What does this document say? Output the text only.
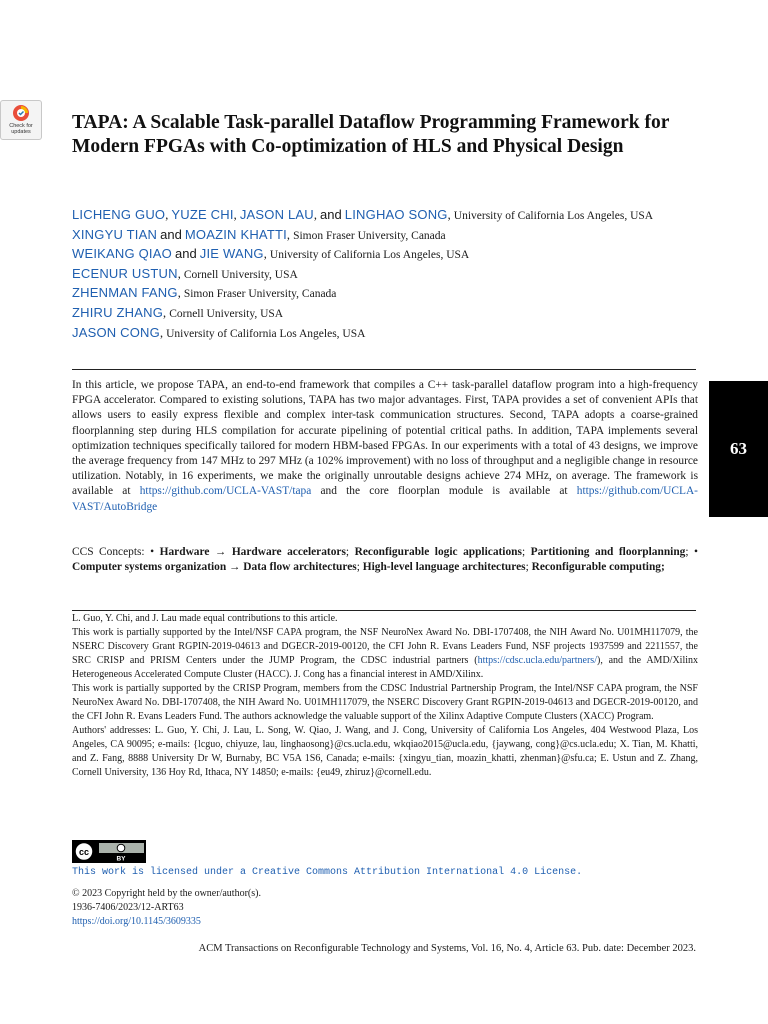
Check for
updates	TAPA: A Scalable Task-parallel Dataflow Programming Framework for Modern FPGAs with Co-optimization of HLS and Physical Design
LICHENG GUO, YUZE CHI, JASON LAU, and LINGHAO SONG, University of California Los Angeles, USA
XINGYU TIAN and MOAZIN KHATTI, Simon Fraser University, Canada
WEIKANG QIAO and JIE WANG, University of California Los Angeles, USA
ECENUR USTUN, Cornell University, USA
ZHENMAN FANG, Simon Fraser University, Canada
ZHIRU ZHANG, Cornell University, USA
JASON CONG, University of California Los Angeles, USA

In this article, we propose TAPA, an end-to-end framework that compiles a C++ task-parallel dataflow program into a high-frequency FPGA accelerator. Compared to existing solutions, TAPA has two major advantages. First, TAPA provides a set of convenient APIs that allows users to easily express flexible and complex inter-task communication structures. Second, TAPA adopts a coarse-grained floorplanning step during HLS compilation for accurate pipelining of potential critical paths. In addition, TAPA implements several optimization techniques specifically tailored for modern HBM-based FPGAs. In our experiments with a total of 43 designs, we improve the average frequency from 147 MHz to 297 MHz (a 102% improvement) with no loss of throughput and a negligible change in resource utilization. Notably, in 16 experiments, we make the originally unroutable designs achieve 274 MHz, on average. The framework is available at https://github.com/UCLA-VAST/tapa and the core floorplan module is available at https://github.com/UCLA-VAST/AutoBridge

CCS Concepts: • Hardware → Hardware accelerators; Reconfigurable logic applications; Partitioning and floorplanning; • Computer systems organization → Data flow architectures; High-level language architectures; Reconfigurable computing;

L. Guo, Y. Chi, and J. Lau made equal contributions to this article.

This work is partially supported by the Intel/NSF CAPA program, the NSF NeuroNex Award No. DBI-1707408, the NIH Award No. U01MH117079, the NSERC Discovery Grant RGPIN-2019-04613 and DGECR-2019-00120, the CFI John R. Evans Leaders Fund, NSF projects 1937599 and 2211557, the SRC CRISP and PRISM Centers under the JUMP Program, the CDSC industrial partners (https://cdsc.ucla.edu/partners/), and the AMD/Xilinx Heterogeneous Accelerated Compute Cluster (HACC). J. Cong has a financial interest in AMD/Xilinx.

This work is partially supported by the CRISP Program, members from the CDSC Industrial Partnership Program, the Intel/NSF CAPA program, the NSF NeuroNex Award No. DBI-1707408, the NIH Award No. U01MH117079, the NSERC Discovery Grant RGPIN-2019-04613 and DGECR-2019-00120, and the CFI John R. Evans Leaders Fund. The authors acknowledge the valuable support of the Xilinx Adaptive Compute Clusters (XACC) Program.

Authors' addresses: L. Guo, Y. Chi, J. Lau, L. Song, W. Qiao, J. Wang, and J. Cong, University of California Los Angeles, 404 Westwood Plaza, Los Angeles, CA 90095; e-mails: {lcguo, chiyuze, lau, linghaosong}@cs.ucla.edu, wkqiao2015@ucla.edu, {jaywang, cong}@cs.ucla.edu; X. Tian, M. Khatti, and Z. Fang, 8888 University Dr W, Burnaby, BC V5A 1S6, Canada; e-mails: {xingyu_tian, moazin_khatti, zhenman}@sfu.ca; E. Ustun and Z. Zhang, Cornell University, 136 Hoy Rd, Ithaca, NY 14850; e-mails: {eu49, zhiruz}@cornell.edu.

cc
BY
This work is licensed under a Creative Commons Attribution International 4.0 License.
© 2023 Copyright held by the owner/author(s).
1936-7406/2023/12-ART63
https://doi.org/10.1145/3609335
ACM Transactions on Reconfigurable Technology and Systems, Vol. 16, No. 4, Article 63. Pub. date: December 2023.
63
